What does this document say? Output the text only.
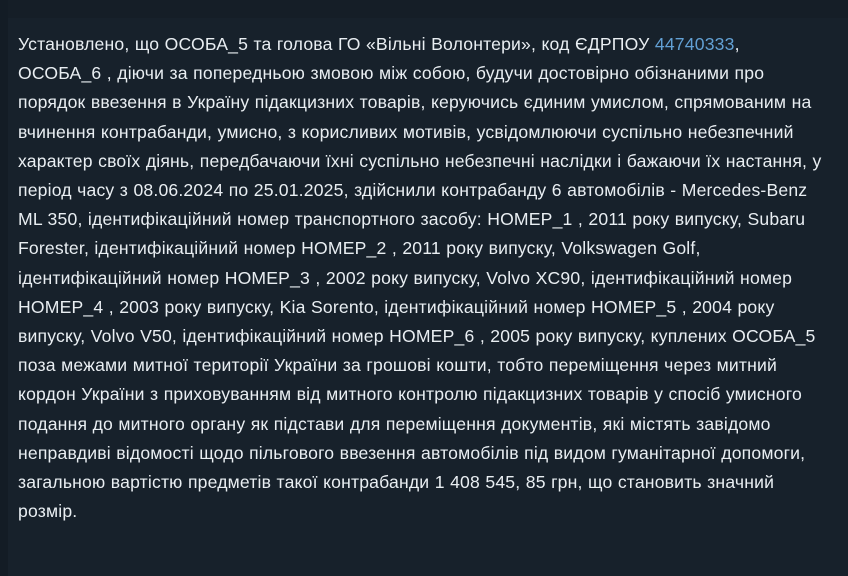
Установлено, що ОСОБА_5 та голова ГО «Вільні Волонтери», код ЄДРПОУ 44740333, ОСОБА_6 , діючи за попередньою змовою між собою, будучи достовірно обізнаними про порядок ввезення в Україну підакцизних товарів, керуючись єдиним умислом, спрямованим на вчинення контрабанди, умисно, з корисливих мотивів, усвідомлюючи суспільно небезпечний характер своїх діянь, передбачаючи їхні суспільно небезпечні наслідки і бажаючи їх настання, у період часу з 08.06.2024 по 25.01.2025, здійснили контрабанду 6 автомобілів - Mercedes-Benz ML 350, ідентифікаційний номер транспортного засобу: НОМЕР_1 , 2011 року випуску, Subaru Forester, ідентифікаційний номер НОМЕР_2 , 2011 року випуску, Volkswagen Golf, ідентифікаційний номер НОМЕР_3 , 2002 року випуску, Volvo XC90, ідентифікаційний номер НОМЕР_4 , 2003 року випуску, Kia Sorento, ідентифікаційний номер НОМЕР_5 , 2004 року випуску, Volvo V50, ідентифікаційний номер НОМЕР_6 , 2005 року випуску, куплених ОСОБА_5 поза межами митної території України за грошові кошти, тобто переміщення через митний кордон України з приховуванням від митного контролю підакцизних товарів у спосіб умисного подання до митного органу як підстави для переміщення документів, які містять завідомо неправдиві відомості щодо пільгового ввезення автомобілів під видом гуманітарної допомоги, загальною вартістю предметів такої контрабанди 1 408 545, 85 грн, що становить значний розмір.
